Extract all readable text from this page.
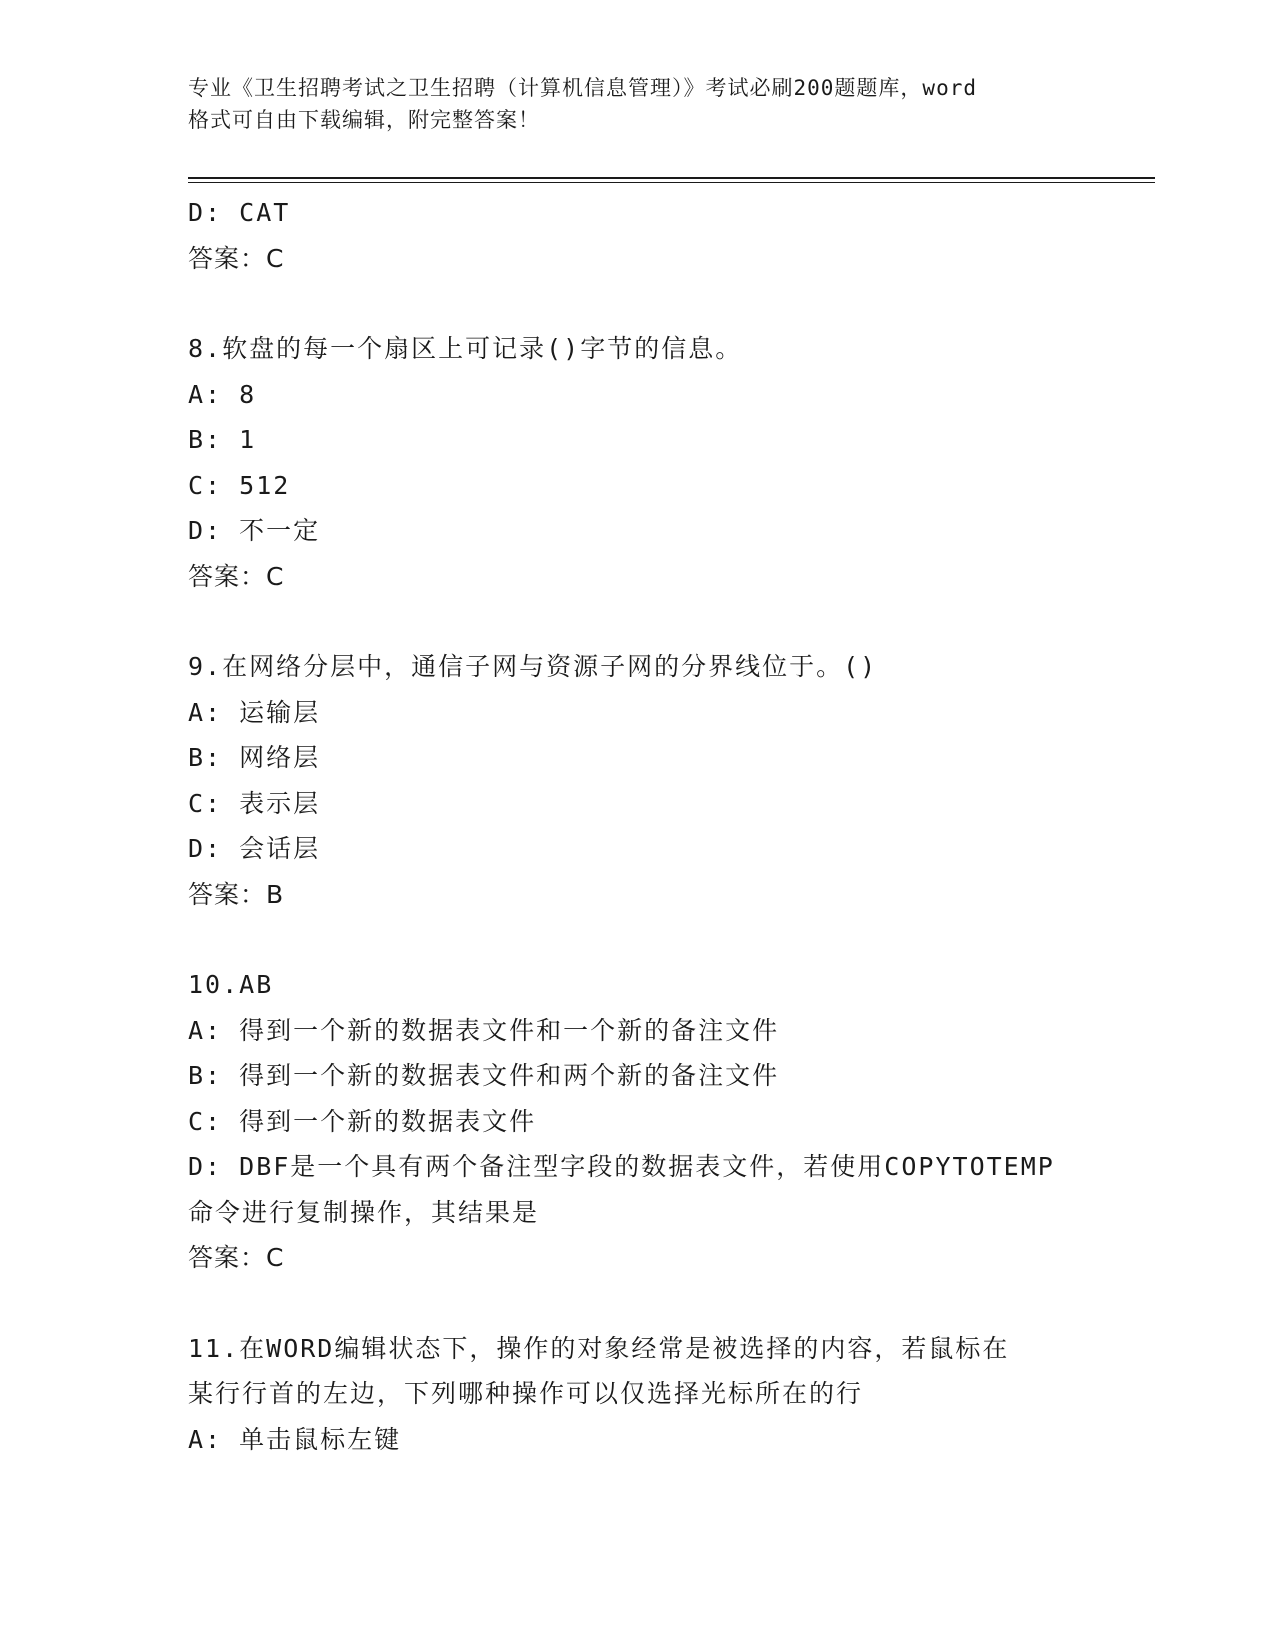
专业《卫生招聘考试之卫生招聘（计算机信息管理）》考试必刷200题题库，word
格式可自由下载编辑，附完整答案！
D: CAT
答案：C
8.软盘的每一个扇区上可记录()字节的信息。
A: 8
B: 1
C: 512
D: 不一定
答案：C
9.在网络分层中，通信子网与资源子网的分界线位于。()
A: 运输层
B: 网络层
C: 表示层
D: 会话层
答案：B
10.AB
A: 得到一个新的数据表文件和一个新的备注文件
B: 得到一个新的数据表文件和两个新的备注文件
C: 得到一个新的数据表文件
D: DBF是一个具有两个备注型字段的数据表文件，若使用COPYTOTEMP
命令进行复制操作，其结果是
答案：C
11.在WORD编辑状态下，操作的对象经常是被选择的内容，若鼠标在
某行行首的左边，下列哪种操作可以仅选择光标所在的行
A: 单击鼠标左键
